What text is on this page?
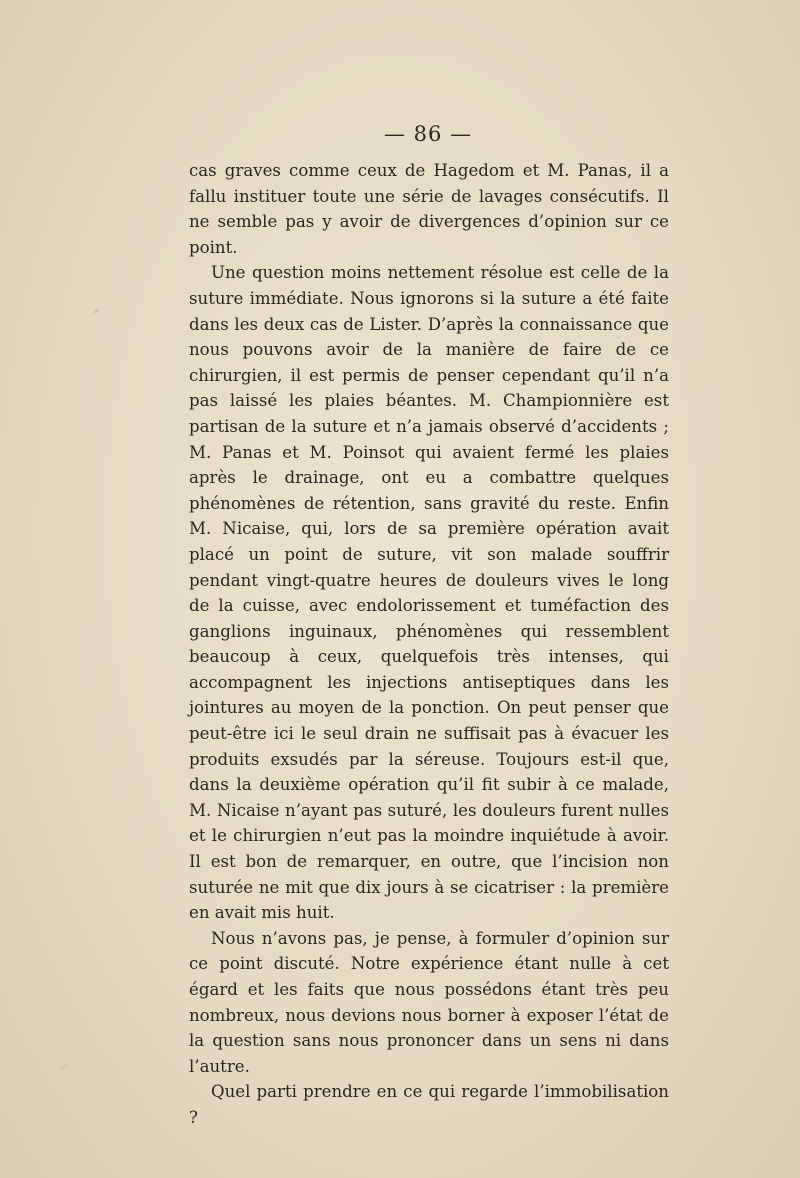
— 86 —

cas graves comme ceux de Hagedom et M. Panas, il a fallu instituer toute une série de lavages consécutifs. Il ne semble pas y avoir de divergences d’opinion sur ce point.

Une question moins nettement résolue est celle de la suture immédiate. Nous ignorons si la suture a été faite dans les deux cas de Lister. D’après la connaissance que nous pouvons avoir de la manière de faire de ce chirurgien, il est permis de penser cependant qu’il n’a pas laissé les plaies béantes. M. Championnière est partisan de la suture et n’a jamais observé d’accidents ; M. Panas et M. Poinsot qui avaient fermé les plaies après le drainage, ont eu a combattre quelques phénomènes de rétention, sans gravité du reste. Enfin M. Nicaise, qui, lors de sa première opération avait placé un point de suture, vit son malade souffrir pendant vingt-quatre heures de douleurs vives le long de la cuisse, avec endolorissement et tuméfaction des ganglions inguinaux, phénomènes qui ressemblent beaucoup à ceux, quelquefois très intenses, qui accompagnent les injections antiseptiques dans les jointures au moyen de la ponction. On peut penser que peut-être ici le seul drain ne suffisait pas à évacuer les produits exsudés par la séreuse. Toujours est-il que, dans la deuxième opération qu’il fit subir à ce malade, M. Nicaise n’ayant pas suturé, les douleurs furent nulles et le chirurgien n’eut pas la moindre inquiétude à avoir. Il est bon de remarquer, en outre, que l’incision non suturée ne mit que dix jours à se cicatriser : la première en avait mis huit.

Nous n’avons pas, je pense, à formuler d’opinion sur ce point discuté. Notre expérience étant nulle à cet égard et les faits que nous possédons étant très peu nombreux, nous devions nous borner à exposer l’état de la question sans nous prononcer dans un sens ni dans l’autre.

Quel parti prendre en ce qui regarde l’immobilisation ?
